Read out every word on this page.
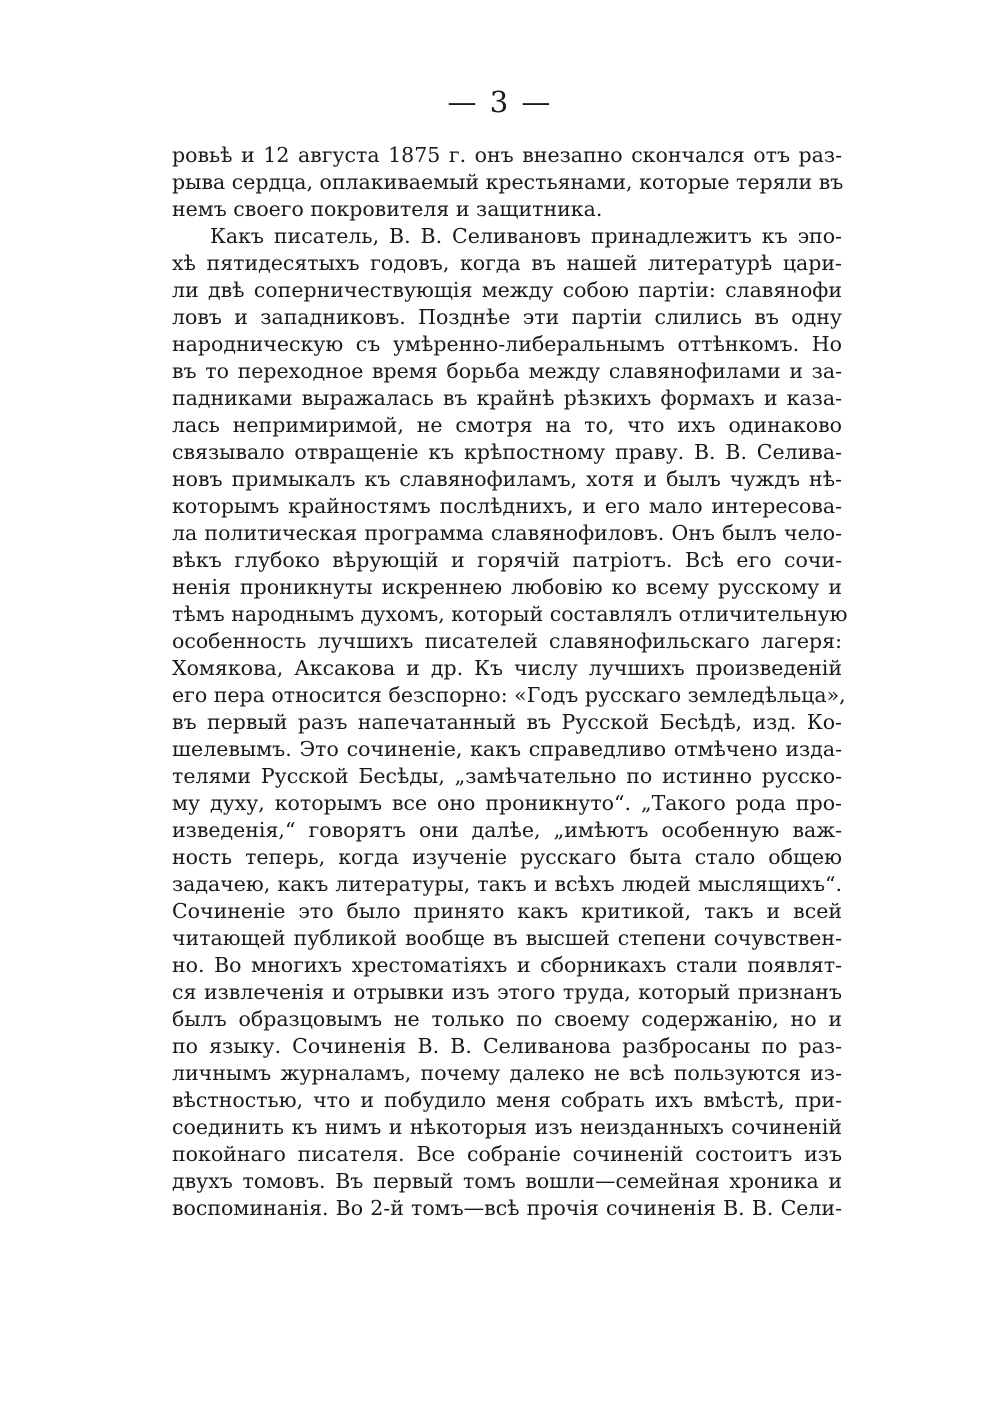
— 3 —
ровьѣ и 12 августа 1875 г. онъ внезапно скончался отъ раз-
рыва сердца, оплакиваемый крестьянами, которые теряли въ
немъ своего покровителя и защитника.
Какъ писатель, В. В. Селивановъ принадлежитъ къ эпо-
хѣ пятидесятыхъ годовъ, когда въ нашей литературѣ цари-
ли двѣ соперничествующія между собою партіи: славянофи
ловъ и западниковъ. Позднѣе эти партіи слились въ одну
народническую съ умѣренно-либеральнымъ оттѣнкомъ. Но
въ то переходное время борьба между славянофилами и за-
падниками выражалась въ крайнѣ рѣзкихъ формахъ и каза-
лась непримиримой, не смотря на то, что ихъ одинаково
связывало отвращеніе къ крѣпостному праву. В. В. Селива-
новъ примыкалъ къ славянофиламъ, хотя и былъ чуждъ нѣ-
которымъ крайностямъ послѣднихъ, и его мало интересова-
ла политическая программа славянофиловъ. Онъ былъ чело-
вѣкъ глубоко вѣрующій и горячій патріотъ. Всѣ его сочи-
ненія проникнуты искреннею любовію ко всему русскому и
тѣмъ народнымъ духомъ, который составлялъ отличительную
особенность лучшихъ писателей славянофильскаго лагеря:
Хомякова, Аксакова и др. Къ числу лучшихъ произведеній
его пера относится безспорно: «Годъ русскаго земледѣльца»,
въ первый разъ напечатанный въ Русской Бесѣдѣ, изд. Ко-
шелевымъ. Это сочиненіе, какъ справедливо отмѣчено изда-
телями Русской Бесѣды, „замѣчательно по истинно русско-
му духу, которымъ все оно проникнуто“. „Такого рода про-
изведенія,“ говорятъ они далѣе, „имѣютъ особенную важ-
ность теперь, когда изученіе русскаго быта стало общею
задачею, какъ литературы, такъ и всѣхъ людей мыслящихъ“.
Сочиненіе это было принято какъ критикой, такъ и всей
читающей публикой вообще въ высшей степени сочувствен-
но. Во многихъ хрестоматіяхъ и сборникахъ стали появлят-
ся извлеченія и отрывки изъ этого труда, который признанъ
былъ образцовымъ не только по своему содержанію, но и
по языку. Сочиненія В. В. Селиванова разбросаны по раз-
личнымъ журналамъ, почему далеко не всѣ пользуются из-
вѣстностью, что и побудило меня собрать ихъ вмѣстѣ, при-
соединить къ нимъ и нѣкоторыя изъ неизданныхъ сочиненій
покойнаго писателя. Все собраніе сочиненій состоитъ изъ
двухъ томовъ. Въ первый томъ вошли—семейная хроника и
воспоминанія. Во 2-й томъ—всѣ прочія сочиненія В. В. Сели-
